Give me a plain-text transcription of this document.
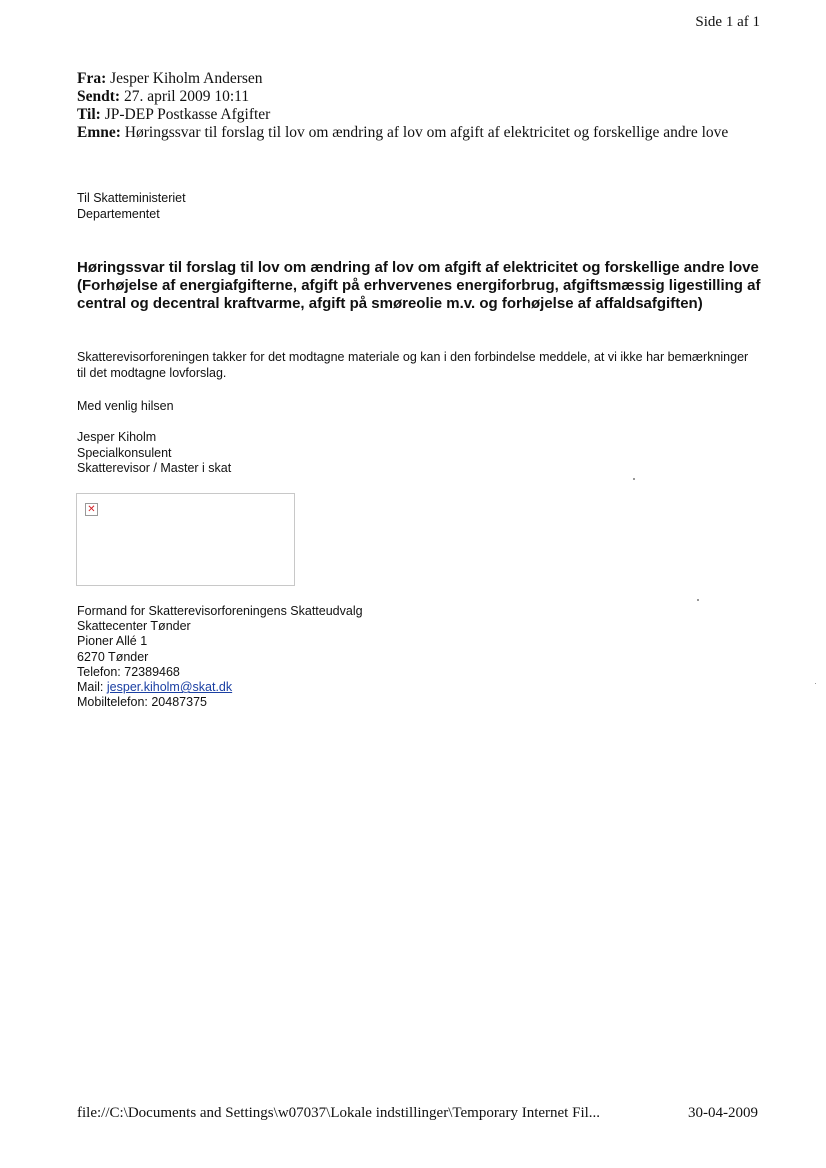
Side 1 af 1
Fra: Jesper Kiholm Andersen
Sendt: 27. april 2009 10:11
Til: JP-DEP Postkasse Afgifter
Emne: Høringssvar til forslag til lov om ændring af lov om afgift af elektricitet og forskellige andre love
Til Skatteministeriet
Departementet
Høringssvar til forslag til lov om ændring af lov om afgift af elektricitet og forskellige andre love (Forhøjelse af energiafgifterne, afgift på erhvervenes energiforbrug, afgiftsmæssig ligestilling af central og decentral kraftvarme, afgift på smøreolie m.v. og forhøjelse af affaldsafgiften)
Skatterevisorforeningen takker for det modtagne materiale og kan i den forbindelse meddele, at vi ikke har bemærkninger til det modtagne lovforslag.
Med venlig hilsen
Jesper Kiholm
Specialkonsulent
Skatterevisor / Master i skat
✕
Formand for Skatterevisorforeningens Skatteudvalg
Skattecenter Tønder
Pioner Allé 1
6270 Tønder
Telefon: 72389468
Mail: jesper.kiholm@skat.dk
Mobiltelefon: 20487375
file://C:\Documents and Settings\w07037\Lokale indstillinger\Temporary Internet Fil...	30-04-2009
